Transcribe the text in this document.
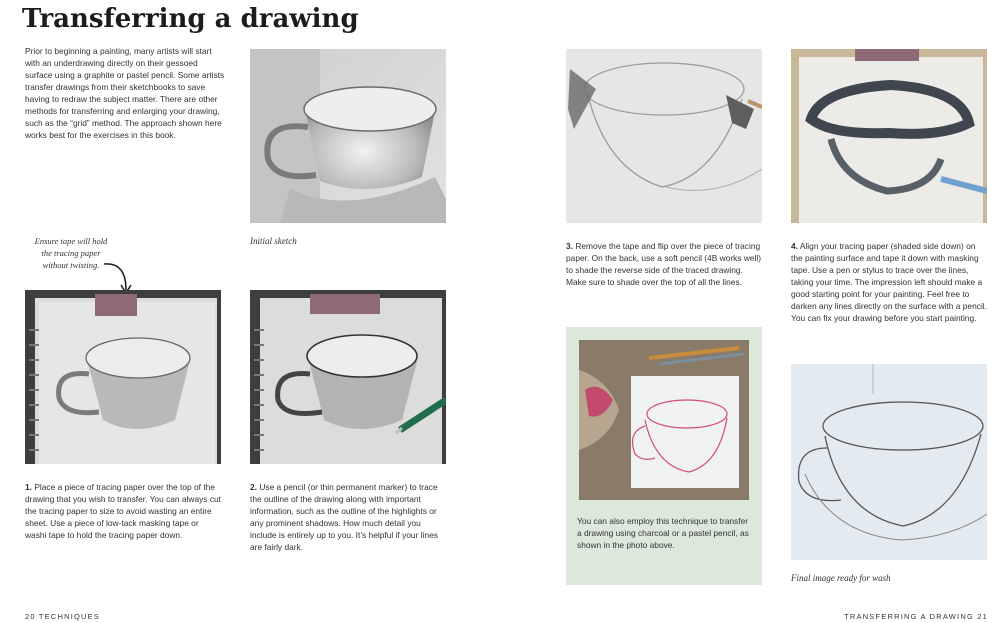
Transferring a drawing

Prior to beginning a painting, many artists will start with an underdrawing directly on their gessoed surface using a graphite or pastel pencil. Some artists transfer drawings from their sketchbooks to save having to redraw the subject matter. There are other methods for transferring and enlarging your drawing, such as the “grid” method. The approach shown here works best for the exercises in this book.

Initial sketch

Ensure tape will hold the tracing paper without twisting.

1. Place a piece of tracing paper over the top of the drawing that you wish to transfer. You can always cut the tracing paper to size to avoid wasting an entire sheet. Use a piece of low-tack masking tape or washi tape to hold the tracing paper down.

2. Use a pencil (or thin permanent marker) to trace the outline of the drawing along with important information, such as the outline of the highlights or any prominent shadows. How much detail you include is entirely up to you. It’s helpful if your lines are fairly dark.

3. Remove the tape and flip over the piece of tracing paper. On the back, use a soft pencil (4B works well) to shade the reverse side of the traced drawing. Make sure to shade over the top of all the lines.

You can also employ this technique to transfer a drawing using charcoal or a pastel pencil, as shown in the photo above.

4. Align your tracing paper (shaded side down) on the painting surface and tape it down with masking tape. Use a pen or stylus to trace over the lines, taking your time. The impression left should make a good starting point for your painting. Feel free to darken any lines directly on the surface with a pencil. You can fix your drawing before you start painting.

Final image ready for wash

20 TECHNIQUES	TRANSFERRING A DRAWING 21
